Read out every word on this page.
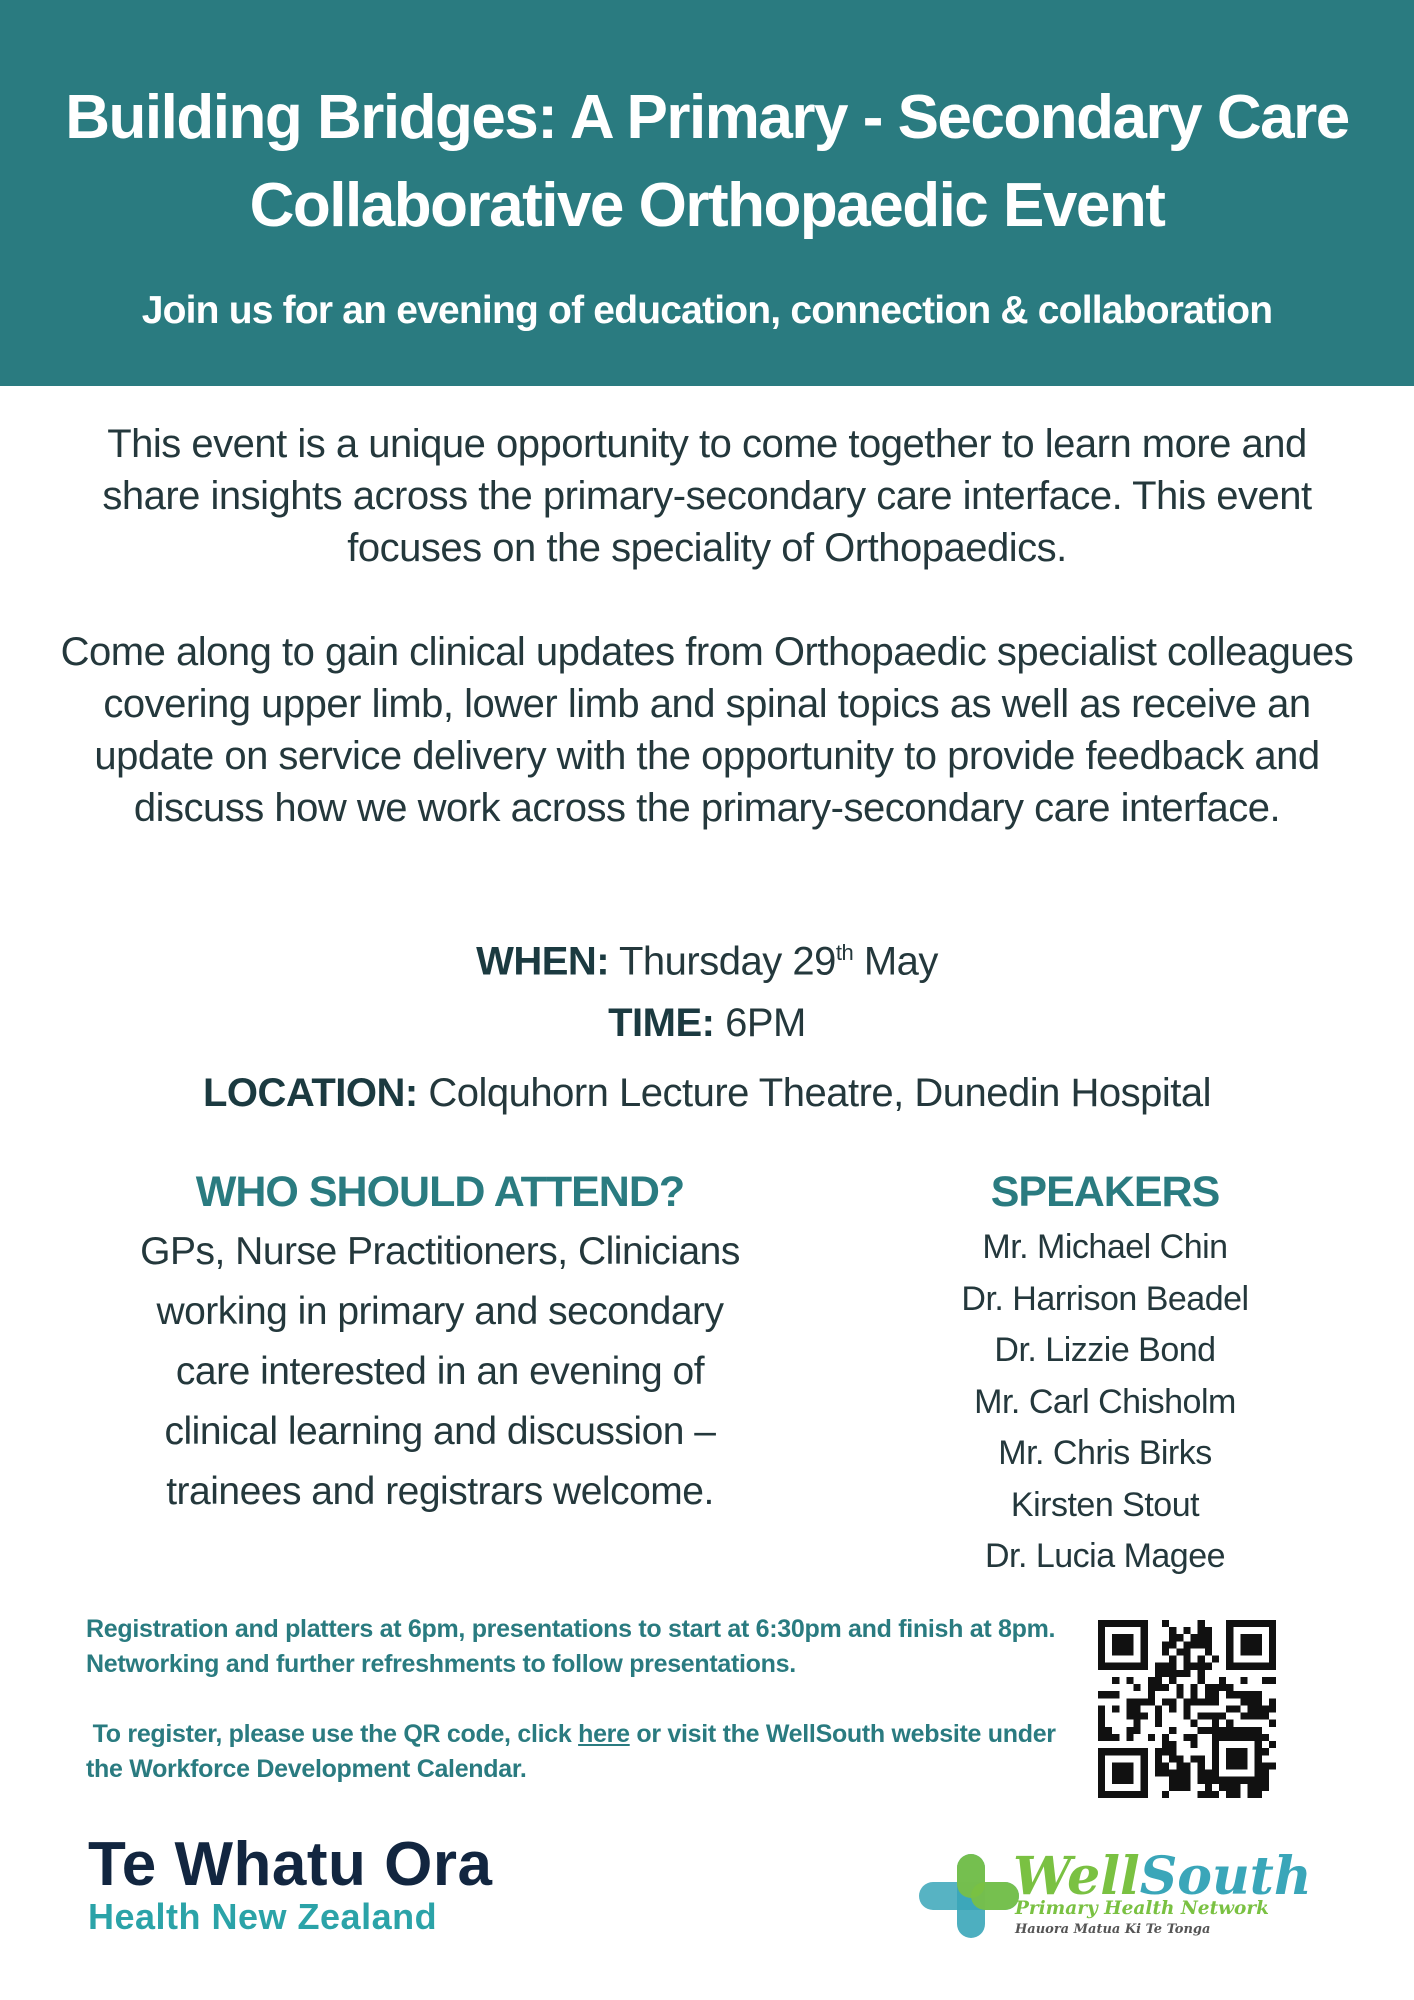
Building Bridges: A Primary - Secondary Care
Collaborative Orthopaedic Event
Join us for an evening of education, connection & collaboration

This event is a unique opportunity to come together to learn more and share insights across the primary-secondary care interface. This event focuses on the speciality of Orthopaedics.

Come along to gain clinical updates from Orthopaedic specialist colleagues covering upper limb, lower limb and spinal topics as well as receive an update on service delivery with the opportunity to provide feedback and discuss how we work across the primary-secondary care interface.

WHEN: Thursday 29th May
TIME: 6PM
LOCATION: Colquhorn Lecture Theatre, Dunedin Hospital
WHO SHOULD ATTEND?
GPs, Nurse Practitioners, Clinicians working in primary and secondary care interested in an evening of clinical learning and discussion – trainees and registrars welcome.
SPEAKERS
Mr. Michael Chin
Dr. Harrison Beadel
Dr. Lizzie Bond
Mr. Carl Chisholm
Mr. Chris Birks
Kirsten Stout
Dr. Lucia Magee

Registration and platters at 6pm, presentations to start at 6:30pm and finish at 8pm. Networking and further refreshments to follow presentations.

To register, please use the QR code, click here or visit the WellSouth website under the Workforce Development Calendar.

Te Whatu Ora
Health New Zealand
WellSouth
Primary Health Network
Hauora Matua Ki Te Tonga
